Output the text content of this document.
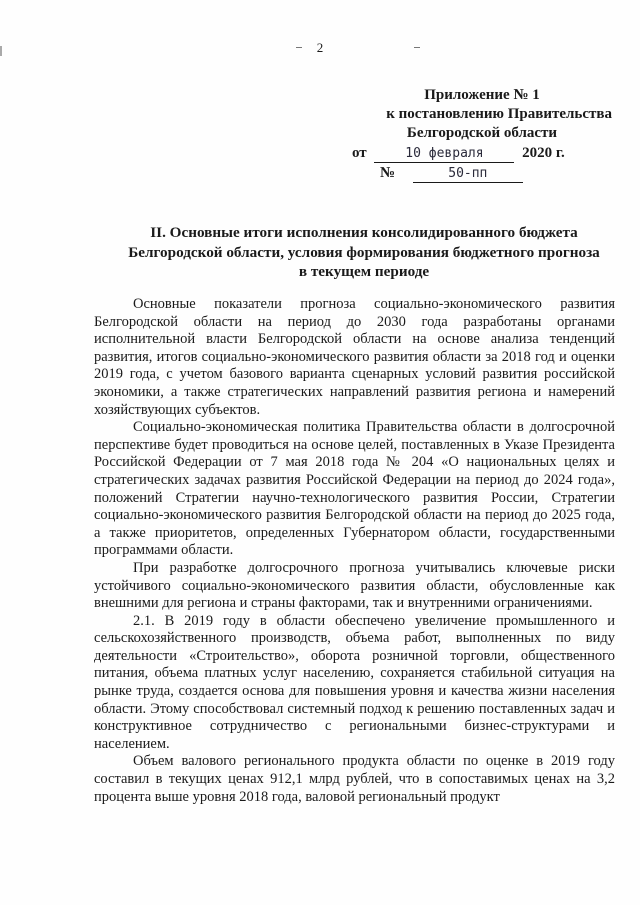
2
Приложение № 1
к постановлению Правительства
Белгородской области
от	10 февраля	2020 г.
№	50-пп
II. Основные итоги исполнения консолидированного бюджета
Белгородской области, условия формирования бюджетного прогноза
в текущем периоде

Основные показатели прогноза социально-экономического развития Белгородской области на период до 2030 года разработаны органами исполнительной власти Белгородской области на основе анализа тенденций развития, итогов социально-экономического развития области за 2018 год и оценки 2019 года, с учетом базового варианта сценарных условий развития российской экономики, а также стратегических направлений развития региона и намерений хозяйствующих субъектов.

Социально-экономическая политика Правительства области в долгосрочной перспективе будет проводиться на основе целей, поставленных в Указе Президента Российской Федерации от 7 мая 2018 года № 204 «О национальных целях и стратегических задачах развития Российской Федерации на период до 2024 года», положений Стратегии научно-технологического развития России, Стратегии социально-экономического развития Белгородской области на период до 2025 года, а также приоритетов, определенных Губернатором области, государственными программами области.

При разработке долгосрочного прогноза учитывались ключевые риски устойчивого социально-экономического развития области, обусловленные как внешними для региона и страны факторами, так и внутренними ограничениями.

2.1. В 2019 году в области обеспечено увеличение промышленного и сельскохозяйственного производств, объема работ, выполненных по виду деятельности «Строительство», оборота розничной торговли, общественного питания, объема платных услуг населению, сохраняется стабильной ситуация на рынке труда, создается основа для повышения уровня и качества жизни населения области. Этому способствовал системный подход к решению поставленных задач и конструктивное сотрудничество с региональными бизнес-структурами и населением.

Объем валового регионального продукта области по оценке в 2019 году составил в текущих ценах 912,1 млрд рублей, что в сопоставимых ценах на 3,2 процента выше уровня 2018 года, валовой региональный продукт
